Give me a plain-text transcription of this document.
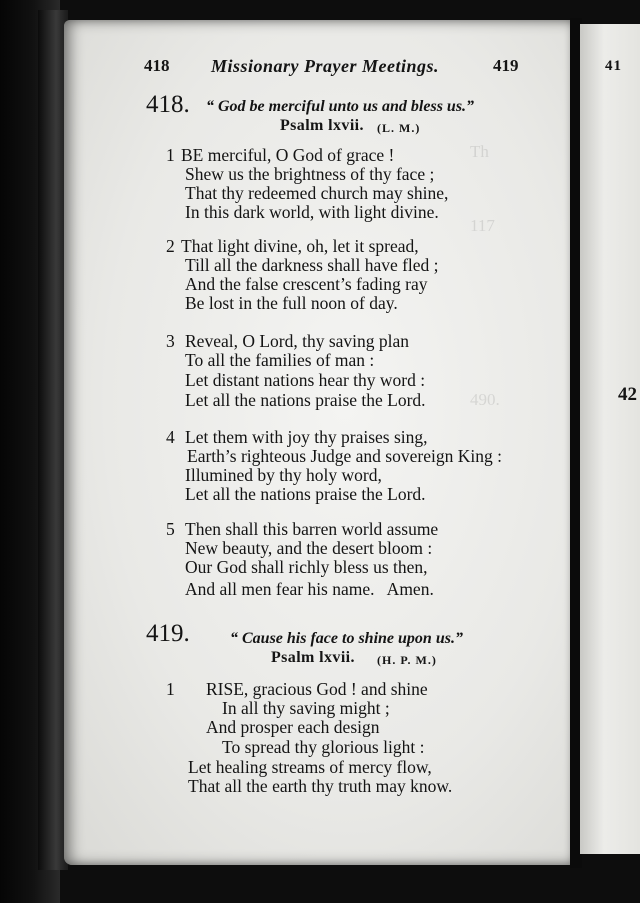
41
42
Th
117
490.
418 Missionary Prayer Meetings.	419
418. “ God be merciful unto us and bless us.”
Psalm lxvii. (L. M.)
1 BE merciful, O God of grace !
Shew us the brightness of thy face ;
That thy redeemed church may shine,
In this dark world, with light divine.
2 That light divine, oh, let it spread,
Till all the darkness shall have fled ;
And the false crescent’s fading ray
Be lost in the full noon of day.
3 Reveal, O Lord, thy saving plan
To all the families of man :
Let distant nations hear thy word :
Let all the nations praise the Lord.
4 Let them with joy thy praises sing,
Earth’s righteous Judge and sovereign King :
Illumined by thy holy word,
Let all the nations praise the Lord.
5 Then shall this barren world assume
New beauty, and the desert bloom :
Our God shall richly bless us then,
And all men fear his name.   Amen.
419.	“ Cause his face to shine upon us.”
Psalm lxvii. (H. P. M.)
1 RISE, gracious God ! and shine
In all thy saving might ;
And prosper each design
To spread thy glorious light :
Let healing streams of mercy flow,
That all the earth thy truth may know.
